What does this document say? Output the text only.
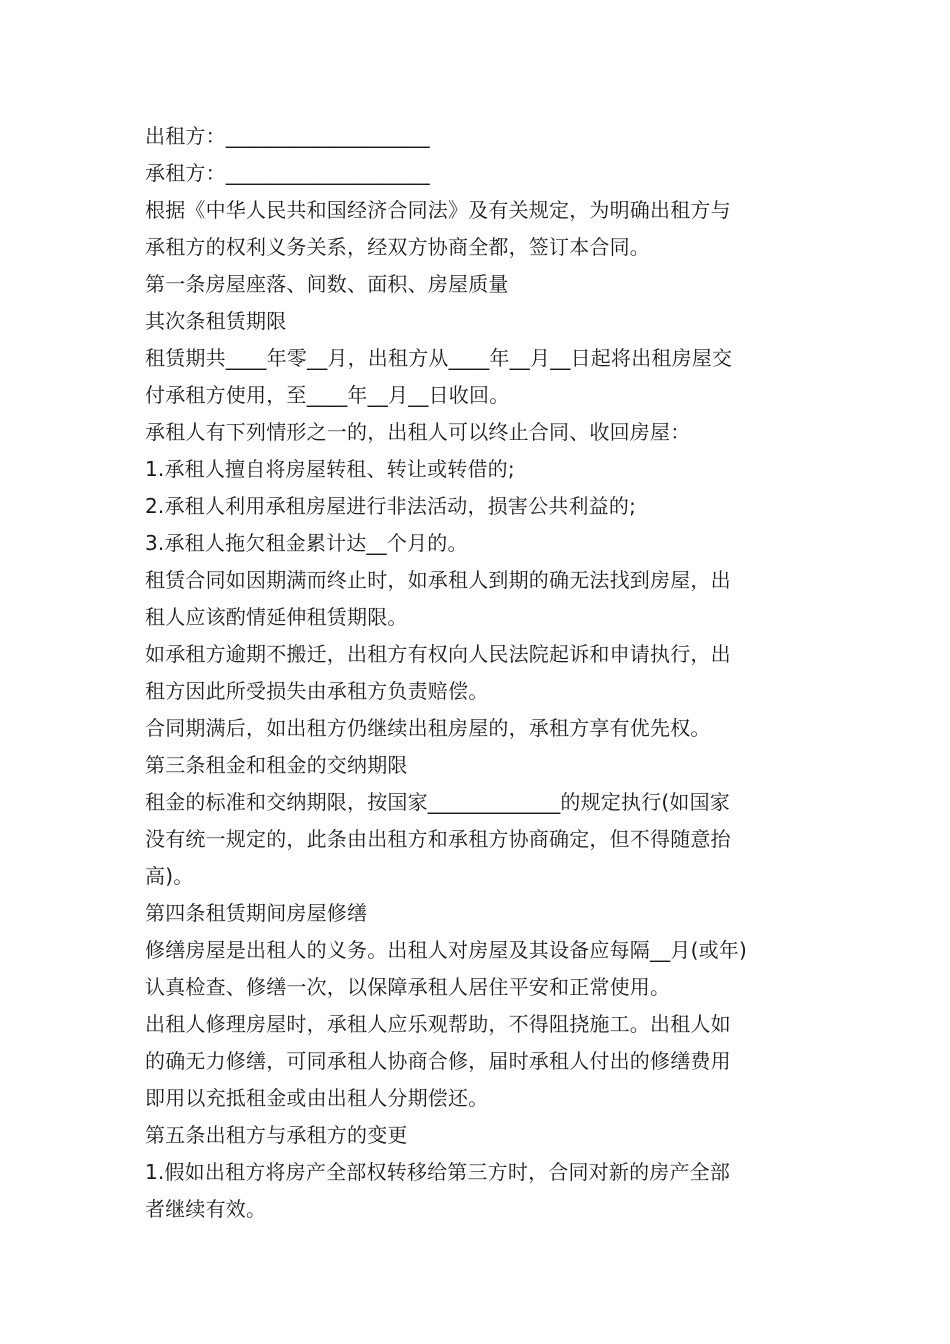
出租方：____________________
承租方：____________________
根据《中华人民共和国经济合同法》及有关规定，为明确出租方与
承租方的权利义务关系，经双方协商全都，签订本合同。
第一条房屋座落、间数、面积、房屋质量
其次条租赁期限
租赁期共____年零__月，出租方从____年__月__日起将出租房屋交
付承租方使用，至____年__月__日收回。
承租人有下列情形之一的，出租人可以终止合同、收回房屋：
1.承租人擅自将房屋转租、转让或转借的;
2.承租人利用承租房屋进行非法活动，损害公共利益的;
3.承租人拖欠租金累计达__个月的。
租赁合同如因期满而终止时，如承租人到期的确无法找到房屋，出
租人应该酌情延伸租赁期限。
如承租方逾期不搬迁，出租方有权向人民法院起诉和申请执行，出
租方因此所受损失由承租方负责赔偿。
合同期满后，如出租方仍继续出租房屋的，承租方享有优先权。
第三条租金和租金的交纳期限
租金的标准和交纳期限，按国家_____________的规定执行(如国家
没有统一规定的，此条由出租方和承租方协商确定，但不得随意抬
高)。
第四条租赁期间房屋修缮
修缮房屋是出租人的义务。出租人对房屋及其设备应每隔__月(或年)
认真检查、修缮一次，以保障承租人居住平安和正常使用。
出租人修理房屋时，承租人应乐观帮助，不得阻挠施工。出租人如
的确无力修缮，可同承租人协商合修，届时承租人付出的修缮费用
即用以充抵租金或由出租人分期偿还。
第五条出租方与承租方的变更
1.假如出租方将房产全部权转移给第三方时，合同对新的房产全部
者继续有效。
